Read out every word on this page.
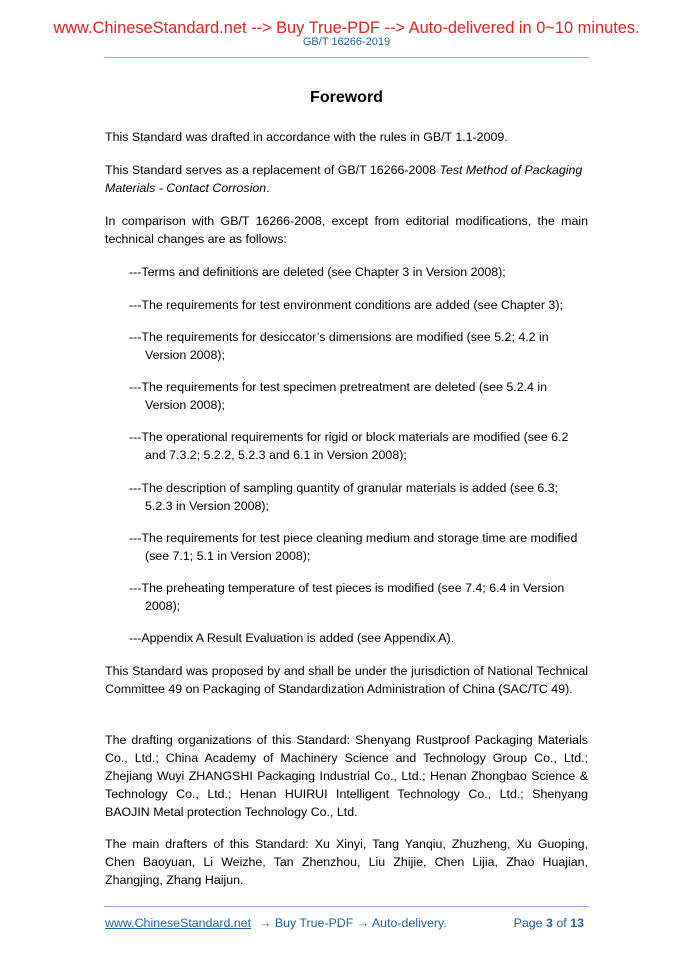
www.ChineseStandard.net --> Buy True-PDF --> Auto-delivered in 0~10 minutes.
GB/T 16266-2019
Foreword

This Standard was drafted in accordance with the rules in GB/T 1.1-2009.

This Standard serves as a replacement of GB/T 16266-2008 Test Method of Packaging
Materials - Contact Corrosion.

In comparison with GB/T 16266-2008, except from editorial modifications, the main technical changes are as follows:

---Terms and definitions are deleted (see Chapter 3 in Version 2008);

---The requirements for test environment conditions are added (see Chapter 3);

---The requirements for desiccator’s dimensions are modified (see 5.2; 4.2 in
Version 2008);

---The requirements for test specimen pretreatment are deleted (see 5.2.4 in
Version 2008);

---The operational requirements for rigid or block materials are modified (see 6.2
and 7.3.2; 5.2.2, 5.2.3 and 6.1 in Version 2008);

---The description of sampling quantity of granular materials is added (see 6.3;
5.2.3 in Version 2008);

---The requirements for test piece cleaning medium and storage time are modified
(see 7.1; 5.1 in Version 2008);

---The preheating temperature of test pieces is modified (see 7.4; 6.4 in Version
2008);

---Appendix A Result Evaluation is added (see Appendix A).

This Standard was proposed by and shall be under the jurisdiction of National Technical Committee 49 on Packaging of Standardization Administration of China (SAC/TC 49).

The drafting organizations of this Standard: Shenyang Rustproof Packaging Materials Co., Ltd.; China Academy of Machinery Science and Technology Group Co., Ltd.; Zhejiang Wuyi ZHANGSHI Packaging Industrial Co., Ltd.; Henan Zhongbao Science & Technology Co., Ltd.; Henan HUIRUI Intelligent Technology Co., Ltd.; Shenyang BAOJIN Metal protection Technology Co., Ltd.

The main drafters of this Standard: Xu Xinyi, Tang Yanqiu, Zhuzheng, Xu Guoping, Chen Baoyuan, Li Weizhe, Tan Zhenzhou, Liu Zhijie, Chen Lijia, Zhao Huajian, Zhangjing, Zhang Haijun.

www.ChineseStandard.net → Buy True-PDF → Auto-delivery.	Page 3 of 13
